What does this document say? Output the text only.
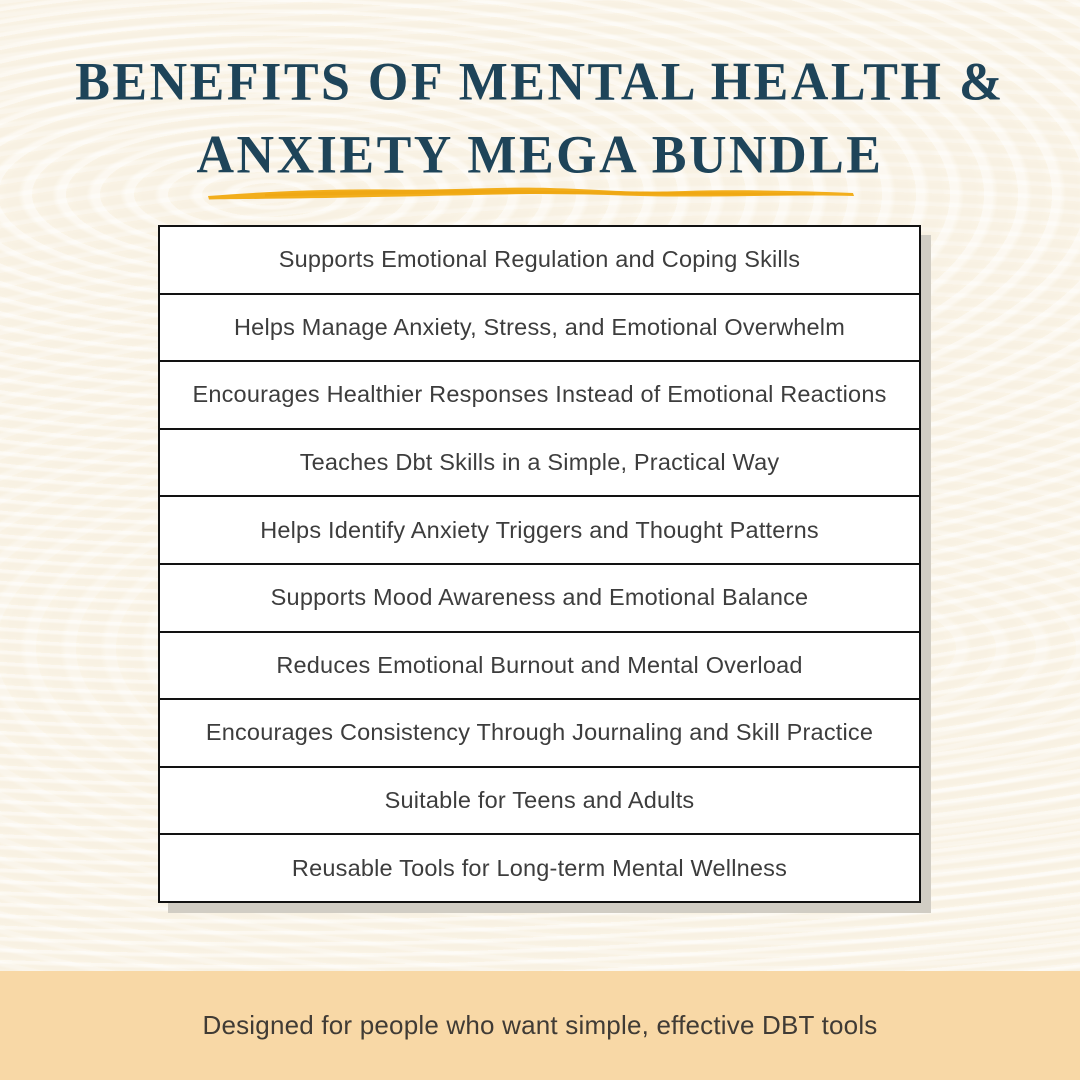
BENEFITS OF MENTAL HEALTH &
ANXIETY MEGA BUNDLE
Supports Emotional Regulation and Coping Skills
Helps Manage Anxiety, Stress, and Emotional Overwhelm
Encourages Healthier Responses Instead of Emotional Reactions
Teaches Dbt Skills in a Simple, Practical Way
Helps Identify Anxiety Triggers and Thought Patterns
Supports Mood Awareness and Emotional Balance
Reduces Emotional Burnout and Mental Overload
Encourages Consistency Through Journaling and Skill Practice
Suitable for Teens and Adults
Reusable Tools for Long-term Mental Wellness
Designed for people who want simple, effective DBT tools
